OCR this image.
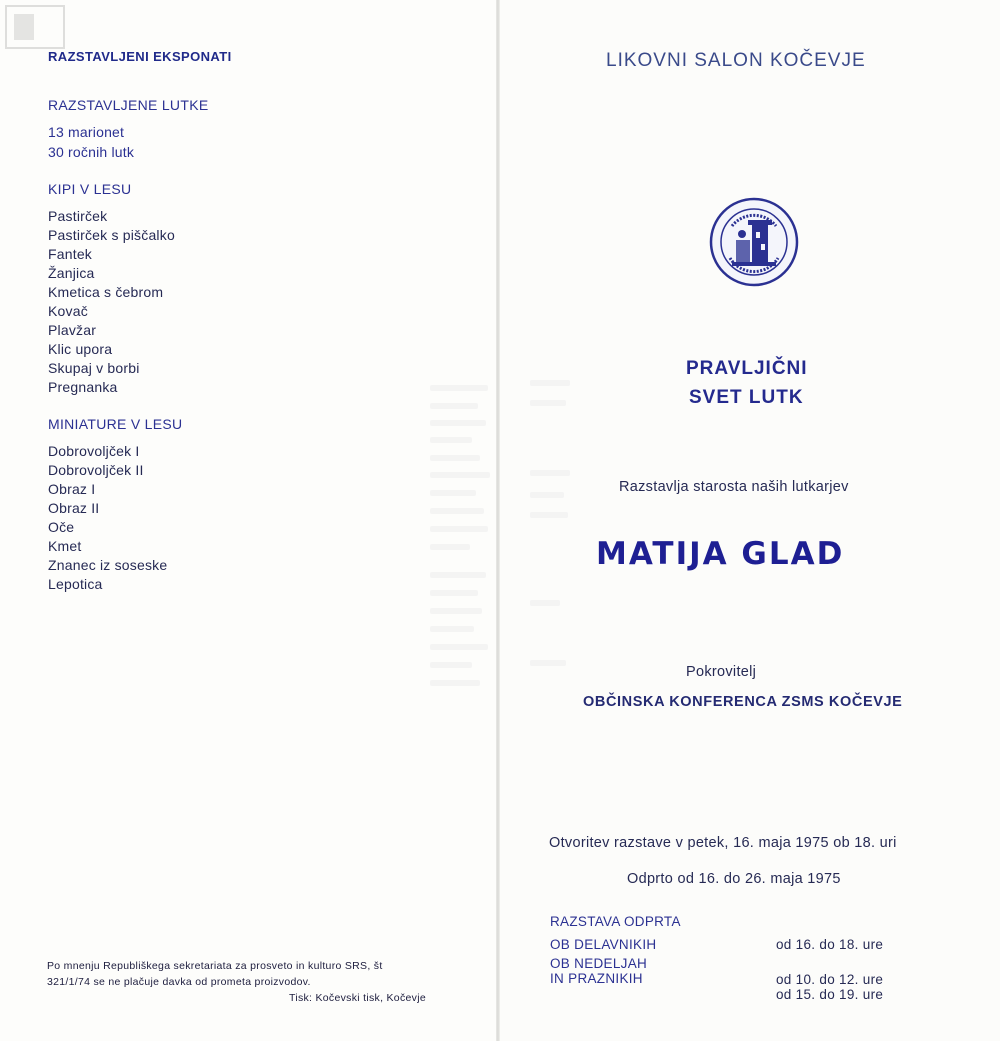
RAZSTAVLJENI EKSPONATI
RAZSTAVLJENE LUTKE
13 marionet
30 ročnih lutk
KIPI V LESU
Pastirček
Pastirček s piščalko
Fantek
Žanjica
Kmetica s čebrom
Kovač
Plavžar
Klic upora
Skupaj v borbi
Pregnanka
MINIATURE V LESU
Dobrovoljček I
Dobrovoljček II
Obraz I
Obraz II
Oče
Kmet
Znanec iz soseske
Lepotica
Po mnenju Republiškega sekretariata za prosveto in kulturo SRS, št
321/1/74 se ne plačuje davka od prometa proizvodov.
Tisk: Kočevski tisk, Kočevje
LIKOVNI SALON KOČEVJE
PRAVLJIČNI
SVET LUTK
Razstavlja starosta naših lutkarjev
MATIJA GLAD
Pokrovitelj
OBČINSKA KONFERENCA ZSMS KOČEVJE
Otvoritev razstave v petek, 16. maja 1975 ob 18. uri
Odprto od 16. do 26. maja 1975
RAZSTAVA ODPRTA
OB DELAVNIKIH	od 16. do 18. ure
OB NEDELJAH
IN PRAZNIKIH	od 10. do 12. ure
od 15. do 19. ure
